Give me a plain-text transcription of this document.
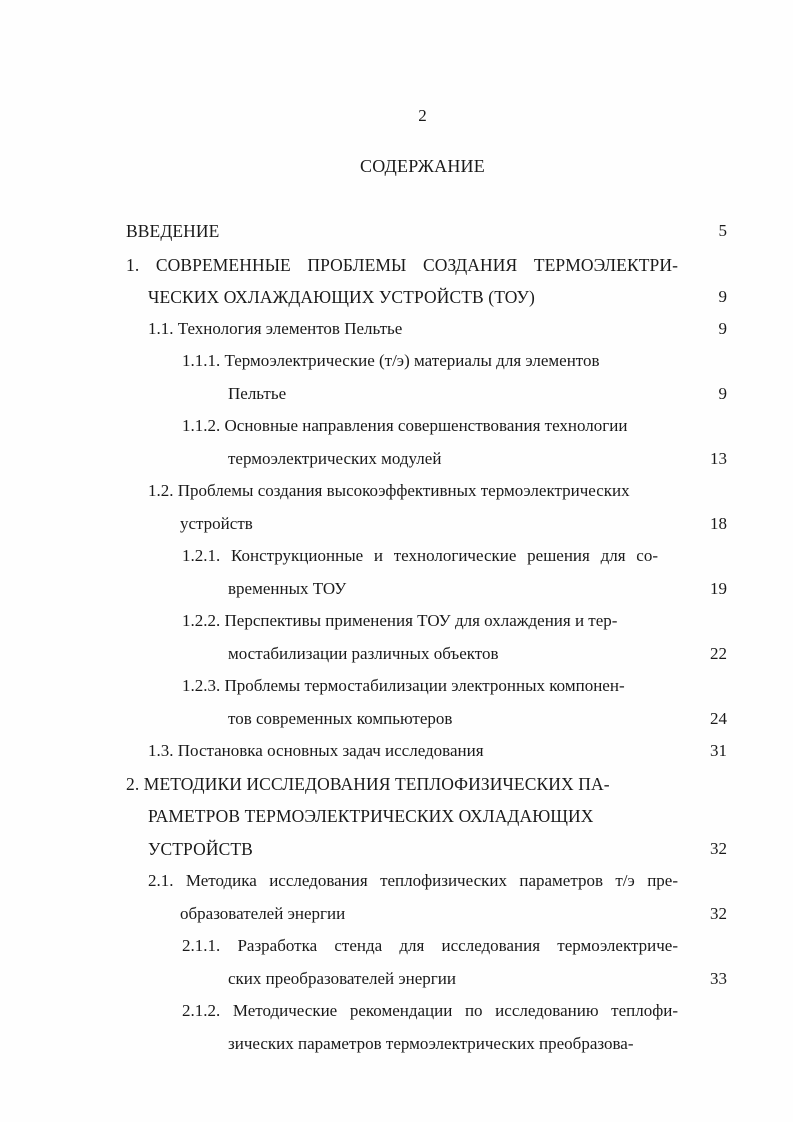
2
СОДЕРЖАНИЕ
ВВЕДЕНИЕ	5
1. СОВРЕМЕННЫЕ ПРОБЛЕМЫ СОЗДАНИЯ ТЕРМОЭЛЕКТРИ-
ЧЕСКИХ ОХЛАЖДАЮЩИХ УСТРОЙСТВ (ТОУ)	9
1.1. Технология элементов Пельтье	9
1.1.1. Термоэлектрические (т/э) материалы для элементов
Пельтье	9
1.1.2. Основные направления совершенствования технологии
термоэлектрических модулей	13
1.2. Проблемы создания высокоэффективных термоэлектрических
устройств	18
1.2.1. Конструкционные и технологические решения для со-
временных ТОУ	19
1.2.2. Перспективы применения ТОУ для охлаждения и тер-
мостабилизации различных объектов	22
1.2.3. Проблемы термостабилизации электронных компонен-
тов современных компьютеров	24
1.3. Постановка основных задач исследования	31
2. МЕТОДИКИ ИССЛЕДОВАНИЯ ТЕПЛОФИЗИЧЕСКИХ ПА-
РАМЕТРОВ ТЕРМОЭЛЕКТРИЧЕСКИХ ОХЛАДАЮЩИХ
УСТРОЙСТВ	32
2.1. Методика исследования теплофизических параметров т/э пре-
образователей энергии	32
2.1.1. Разработка стенда для исследования термоэлектриче-
ских преобразователей энергии	33
2.1.2. Методические рекомендации по исследованию теплофи-
зических параметров термоэлектрических преобразова-
